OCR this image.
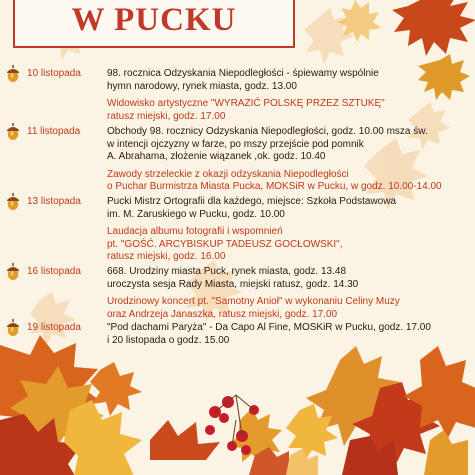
W PUCKU
10 listopada	98. rocznica Odzyskania Niepodległości - śpiewamy wspólnie
hymn narodowy, rynek miasta, godz. 13.00
Widowisko artystyczne "WYRAZIĆ POLSKĘ PRZEZ SZTUKĘ"
ratusz miejski, godz. 17.00
11 listopada	Obchody 98. rocznicy Odzyskania Niepodległości, godz. 10.00 msza św.
w intencji ojczyzny w farze, po mszy przejście pod pomnik
A. Abrahama, złożenie wiązanek ,ok. godz. 10.40
Zawody strzeleckie z okazji odzyskania Niepodległości
o Puchar Burmistrza Miasta Pucka, MOKSiR w Pucku, w godz. 10.00-14.00
13 listopada	Pucki Mistrz Ortografii dla każdego, miejsce: Szkoła Podstawowa
im. M. Zaruskiego w Pucku, godz. 10.00
Laudacja albumu fotografii i wspomnień
pt. "GOŚĆ. ARCYBISKUP TADEUSZ GOCŁOWSKI",
ratusz miejski, godz. 16.00
16 listopada	668. Urodziny miasta Puck, rynek miasta, godz. 13.48
uroczysta sesja Rady Miasta, miejski ratusz, godz. 14.30
Urodzinowy koncert pt. "Samotny Anioł" w wykonaniu Celiny Muzy
oraz Andrzeja Janaszka, ratusz miejski, godz. 17.00
19 listopada	"Pod dachami Paryża" - Da Capo Al Fine, MOSKiR w Pucku, godz. 17.00
i 20 listopada o godz. 15.00
